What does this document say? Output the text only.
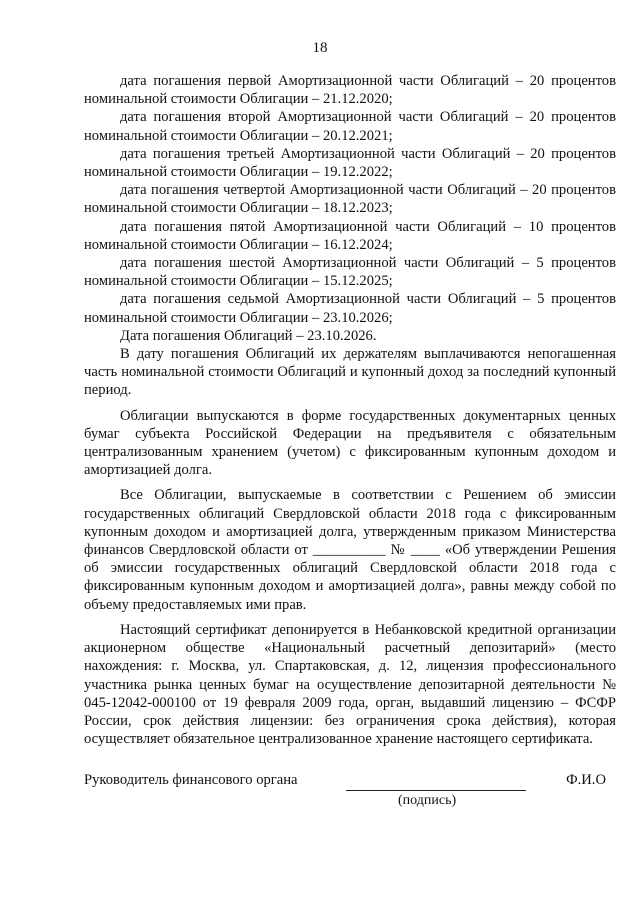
18

дата погашения первой Амортизационной части Облигаций – 20 процентов номинальной стоимости Облигации – 21.12.2020;

дата погашения второй Амортизационной части Облигаций – 20 процентов номинальной стоимости Облигации – 20.12.2021;

дата погашения третьей Амортизационной части Облигаций – 20 процентов номинальной стоимости Облигации – 19.12.2022;

дата погашения четвертой Амортизационной части Облигаций – 20 процентов номинальной стоимости Облигации – 18.12.2023;

дата погашения пятой Амортизационной части Облигаций – 10 процентов номинальной стоимости Облигации – 16.12.2024;

дата погашения шестой Амортизационной части Облигаций – 5 процентов номинальной стоимости Облигации – 15.12.2025;

дата погашения седьмой Амортизационной части Облигаций – 5 процентов номинальной стоимости Облигации – 23.10.2026;

Дата погашения Облигаций – 23.10.2026.

В дату погашения Облигаций их держателям выплачиваются непогашенная часть номинальной стоимости Облигаций и купонный доход за последний купонный период.

Облигации выпускаются в форме государственных документарных ценных бумаг субъекта Российской Федерации на предъявителя с обязательным централизованным хранением (учетом) с фиксированным купонным доходом и амортизацией долга.

Все Облигации, выпускаемые в соответствии с Решением об эмиссии государственных облигаций Свердловской области 2018 года с фиксированным купонным доходом и амортизацией долга, утвержденным приказом Министерства финансов Свердловской области от __________ № ____ «Об утверждении Решения об эмиссии государственных облигаций Свердловской области 2018 года с фиксированным купонным доходом и амортизацией долга», равны между собой по объему предоставляемых ими прав.

Настоящий сертификат депонируется в Небанковской кредитной организации акционерном обществе «Национальный расчетный депозитарий» (место нахождения: г. Москва, ул. Спартаковская, д. 12, лицензия профессионального участника рынка ценных бумаг на осуществление депозитарной деятельности № 045-12042-000100 от 19 февраля 2009 года, орган, выдавший лицензию – ФСФР России, срок действия лицензии: без ограничения срока действия), которая осуществляет обязательное централизованное хранение настоящего сертификата.

Руководитель финансового органа	Ф.И.О
(подпись)
